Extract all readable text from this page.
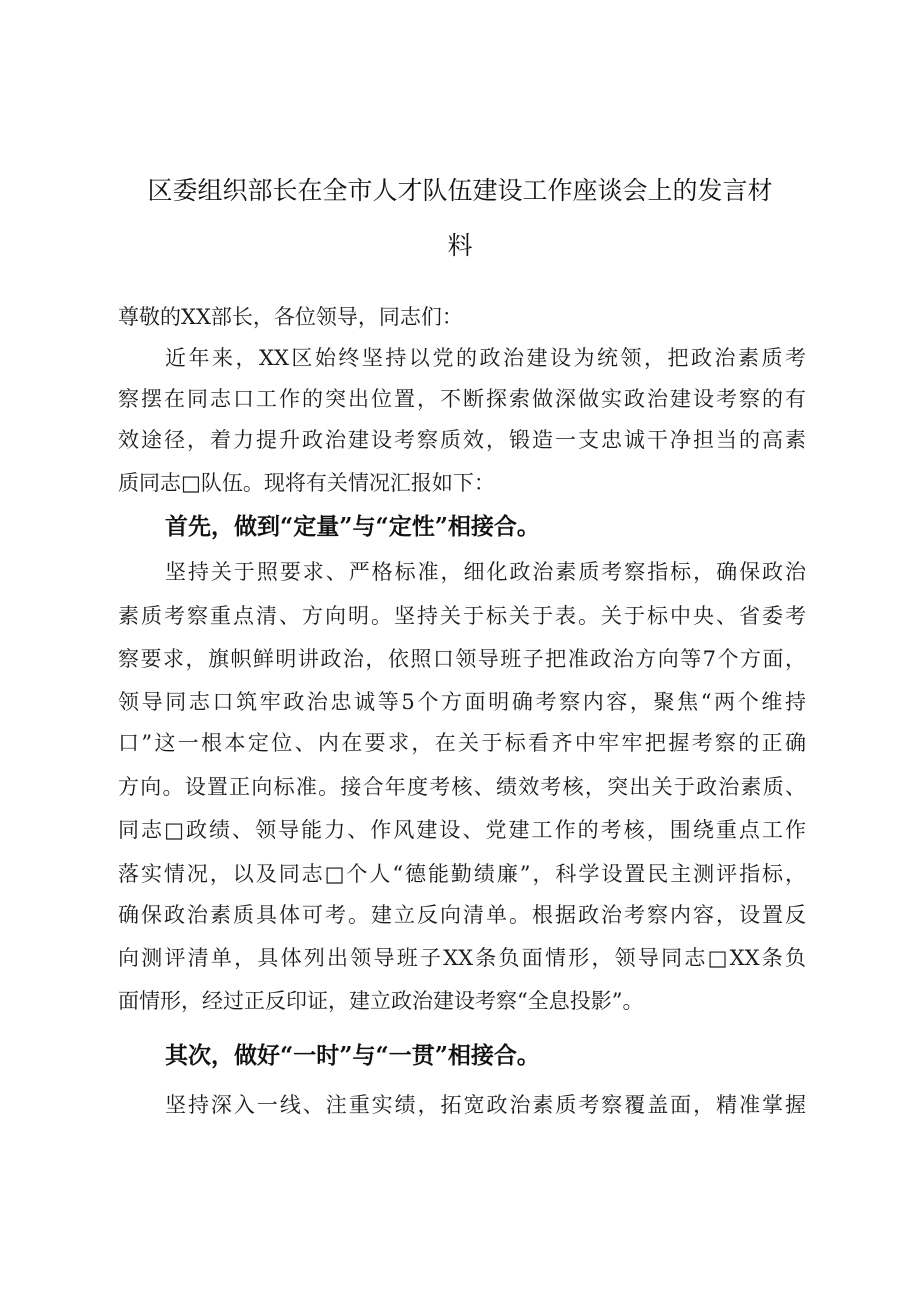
区委组织部长在全市人才队伍建设工作座谈会上的发言材
料

尊敬的XX部长，各位领导，同志们：

近年来，XX区始终坚持以党的政治建设为统领，把政治素质考

察摆在同志口工作的突出位置，不断探索做深做实政治建设考察的有

效途径，着力提升政治建设考察质效，锻造一支忠诚干净担当的高素

质同志□队伍。现将有关情况汇报如下：

首先，做到“定量”与“定性”相接合。

坚持关于照要求、严格标准，细化政治素质考察指标，确保政治

素质考察重点清、方向明。坚持关于标关于表。关于标中央、省委考

察要求，旗帜鲜明讲政治，依照口领导班子把准政治方向等7个方面，

领导同志口筑牢政治忠诚等5个方面明确考察内容，聚焦“两个维持

口”这一根本定位、内在要求，在关于标看齐中牢牢把握考察的正确

方向。设置正向标准。接合年度考核、绩效考核，突出关于政治素质、

同志□政绩、领导能力、作风建设、党建工作的考核，围绕重点工作

落实情况，以及同志□个人“德能勤绩廉”，科学设置民主测评指标，

确保政治素质具体可考。建立反向清单。根据政治考察内容，设置反

向测评清单，具体列出领导班子XX条负面情形，领导同志□XX条负

面情形，经过正反印证，建立政治建设考察“全息投影”。

其次，做好“一时”与“一贯”相接合。

坚持深入一线、注重实绩，拓宽政治素质考察覆盖面，精准掌握
